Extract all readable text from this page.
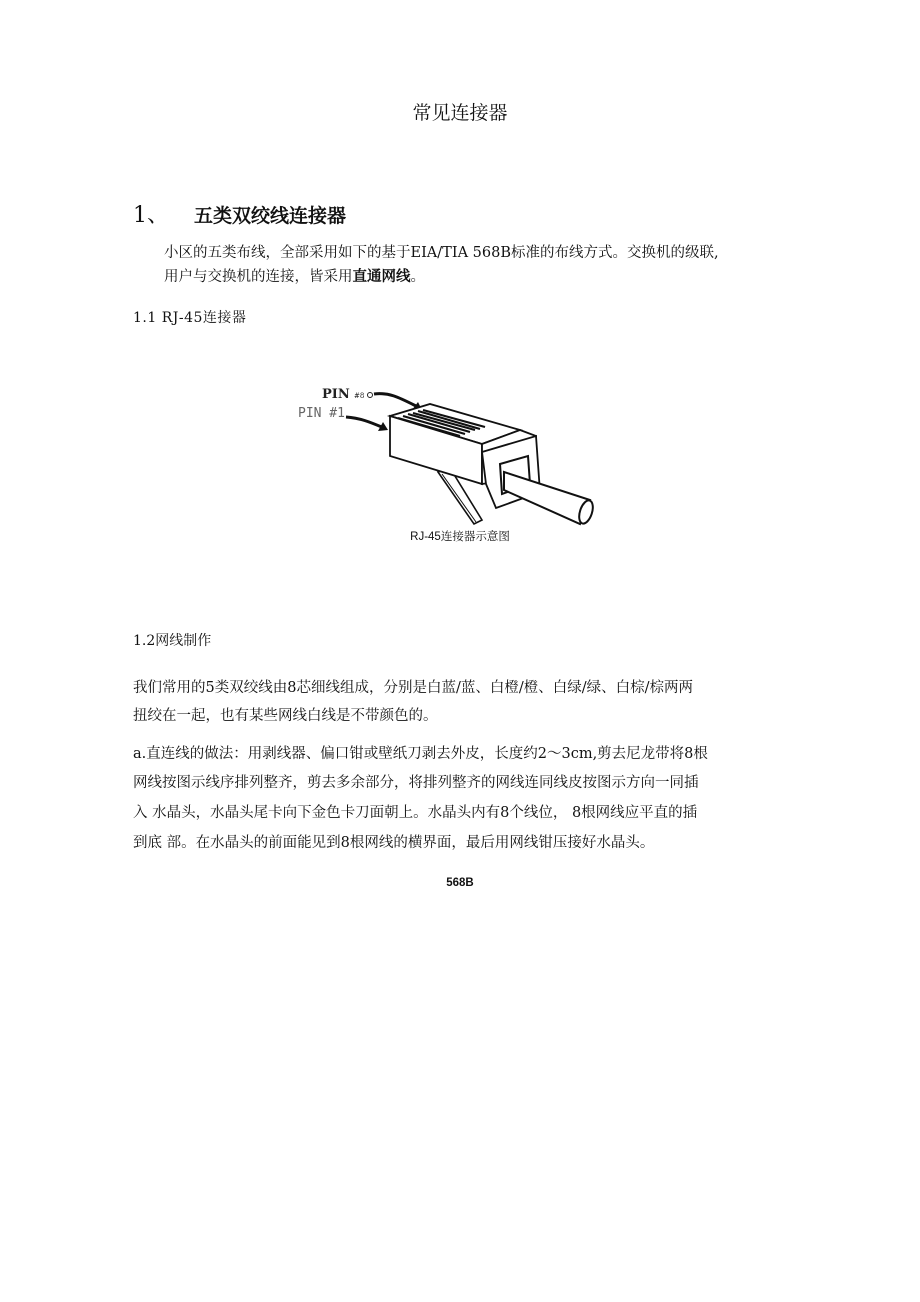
常见连接器
1、 五类双绞线连接器
小区的五类布线，全部采用如下的基于EIA/TIA 568B标准的布线方式。交换机的级联,
用户与交换机的连接，皆采用直通网线。
1.1 RJ-45连接器
PIN #8
PIN #1
RJ-45连接器示意图
1.2网线制作
我们常用的5类双绞线由8芯细线组成，分别是白蓝/蓝、白橙/橙、白绿/绿、白棕/棕两两
扭绞在一起，也有某些网线白线是不带颜色的。
a.直连线的做法：用剥线器、偏口钳或壁纸刀剥去外皮，长度约2〜3cm,剪去尼龙带将8根
网线按图示线序排列整齐，剪去多余部分，将排列整齐的网线连同线皮按图示方向一同插
入 水晶头，水晶头尾卡向下金色卡刀面朝上。水晶头内有8个线位， 8根网线应平直的插
到底 部。在水晶头的前面能见到8根网线的横界面，最后用网线钳压接好水晶头。
568B
